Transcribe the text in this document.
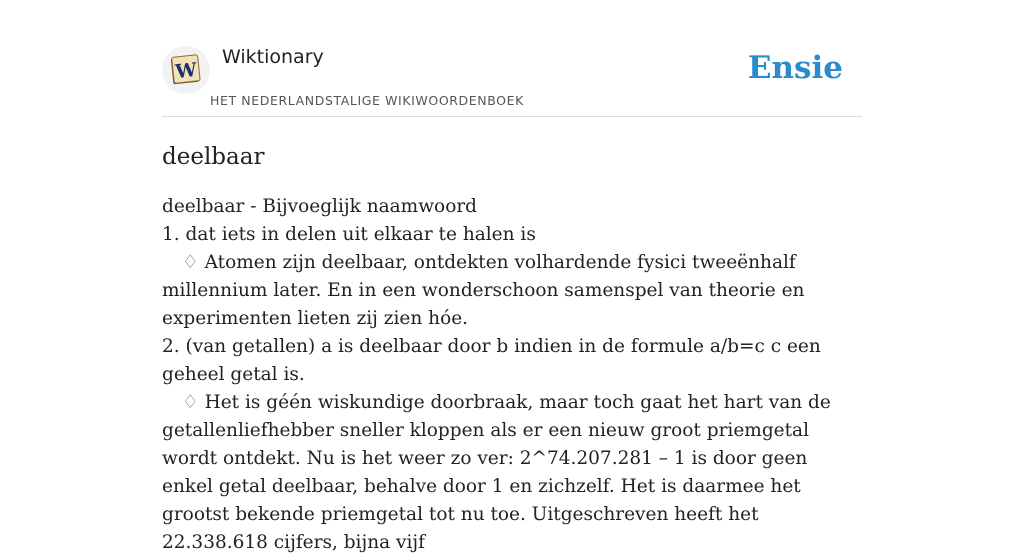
W
Wiktionary
HET NEDERLANDSTALIGE WIKIWOORDENBOEK
Ensie
deelbaar

deelbaar - Bijvoeglijk naamwoord

1. dat iets in delen uit elkaar te halen is

♢ Atomen zijn deelbaar, ontdekten volhardende fysici tweeënhalf millennium later. En in een wonderschoon samenspel van theorie en experimenten lieten zij zien hóe.

2. (van getallen) a is deelbaar door b indien in de formule a/b=c c een geheel getal is.

♢ Het is géén wiskundige doorbraak, maar toch gaat het hart van de getallenliefhebber sneller kloppen als er een nieuw groot priemgetal wordt ontdekt. Nu is het weer zo ver: 2^74.207.281 – 1 is door geen enkel getal deelbaar, behalve door 1 en zichzelf. Het is daarmee het grootst bekende priemgetal tot nu toe. Uitgeschreven heeft het 22.338.618 cijfers, bijna vijf
